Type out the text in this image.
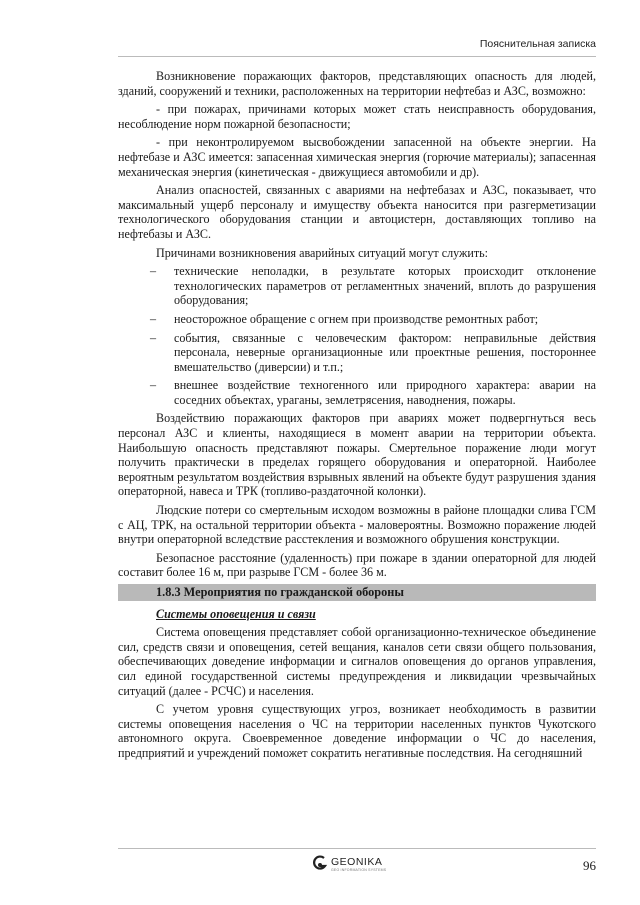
Пояснительная записка

Возникновение поражающих факторов, представляющих опасность для людей, зданий, сооружений и техники, расположенных на территории нефтебаз и АЗС, возможно:

- при пожарах, причинами которых может стать неисправность оборудования, несоблюдение норм пожарной безопасности;

- при неконтролируемом высвобождении запасенной на объекте энергии. На нефтебазе и АЗС имеется: запасенная химическая энергия (горючие материалы); запасенная механическая энергия (кинетическая - движущиеся автомобили и др).

Анализ опасностей, связанных с авариями на нефтебазах и АЗС, показывает, что максимальный ущерб персоналу и имуществу объекта наносится при разгерметизации технологического оборудования станции и автоцистерн, доставляющих топливо на нефтебазы и АЗС.

Причинами возникновения аварийных ситуаций могут служить:

– технические неполадки, в результате которых происходит отклонение технологических параметров от регламентных значений, вплоть до разрушения оборудования;
– неосторожное обращение с огнем при производстве ремонтных работ;
– события, связанные с человеческим фактором: неправильные действия персонала, неверные организационные или проектные решения, постороннее вмешательство (диверсии) и т.п.;
– внешнее воздействие техногенного или природного характера: аварии на соседних объектах, ураганы, землетрясения, наводнения, пожары.

Воздействию поражающих факторов при авариях может подвергнуться весь персонал АЗС и клиенты, находящиеся в момент аварии на территории объекта. Наибольшую опасность представляют пожары. Смертельное поражение люди могут получить практически в пределах горящего оборудования и операторной. Наиболее вероятным результатом воздействия взрывных явлений на объекте будут разрушения здания операторной, навеса и ТРК (топливо-раздаточной колонки).

Людские потери со смертельным исходом возможны в районе площадки слива ГСМ с АЦ, ТРК, на остальной территории объекта - маловероятны. Возможно поражение людей внутри операторной вследствие расстекления и возможного обрушения конструкции.

Безопасное расстояние (удаленность) при пожаре в здании операторной для людей составит более 16 м, при разрыве ГСМ - более 36 м.

1.8.3 Мероприятия по гражданской обороны
Системы оповещения и связи

Система оповещения представляет собой организационно-техническое объединение сил, средств связи и оповещения, сетей вещания, каналов сети связи общего пользования, обеспечивающих доведение информации и сигналов оповещения до органов управления, сил единой государственной системы предупреждения и ликвидации чрезвычайных ситуаций (далее - РСЧС) и населения.

С учетом уровня существующих угроз, возникает необходимость в развитии системы оповещения населения о ЧС на территории населенных пунктов Чукотского автономного округа. Своевременное доведение информации о ЧС до населения, предприятий и учреждений поможет сократить негативные последствия. На сегодняшний

GEONIKA
GEO INFORMATION SYSTEMS	96
